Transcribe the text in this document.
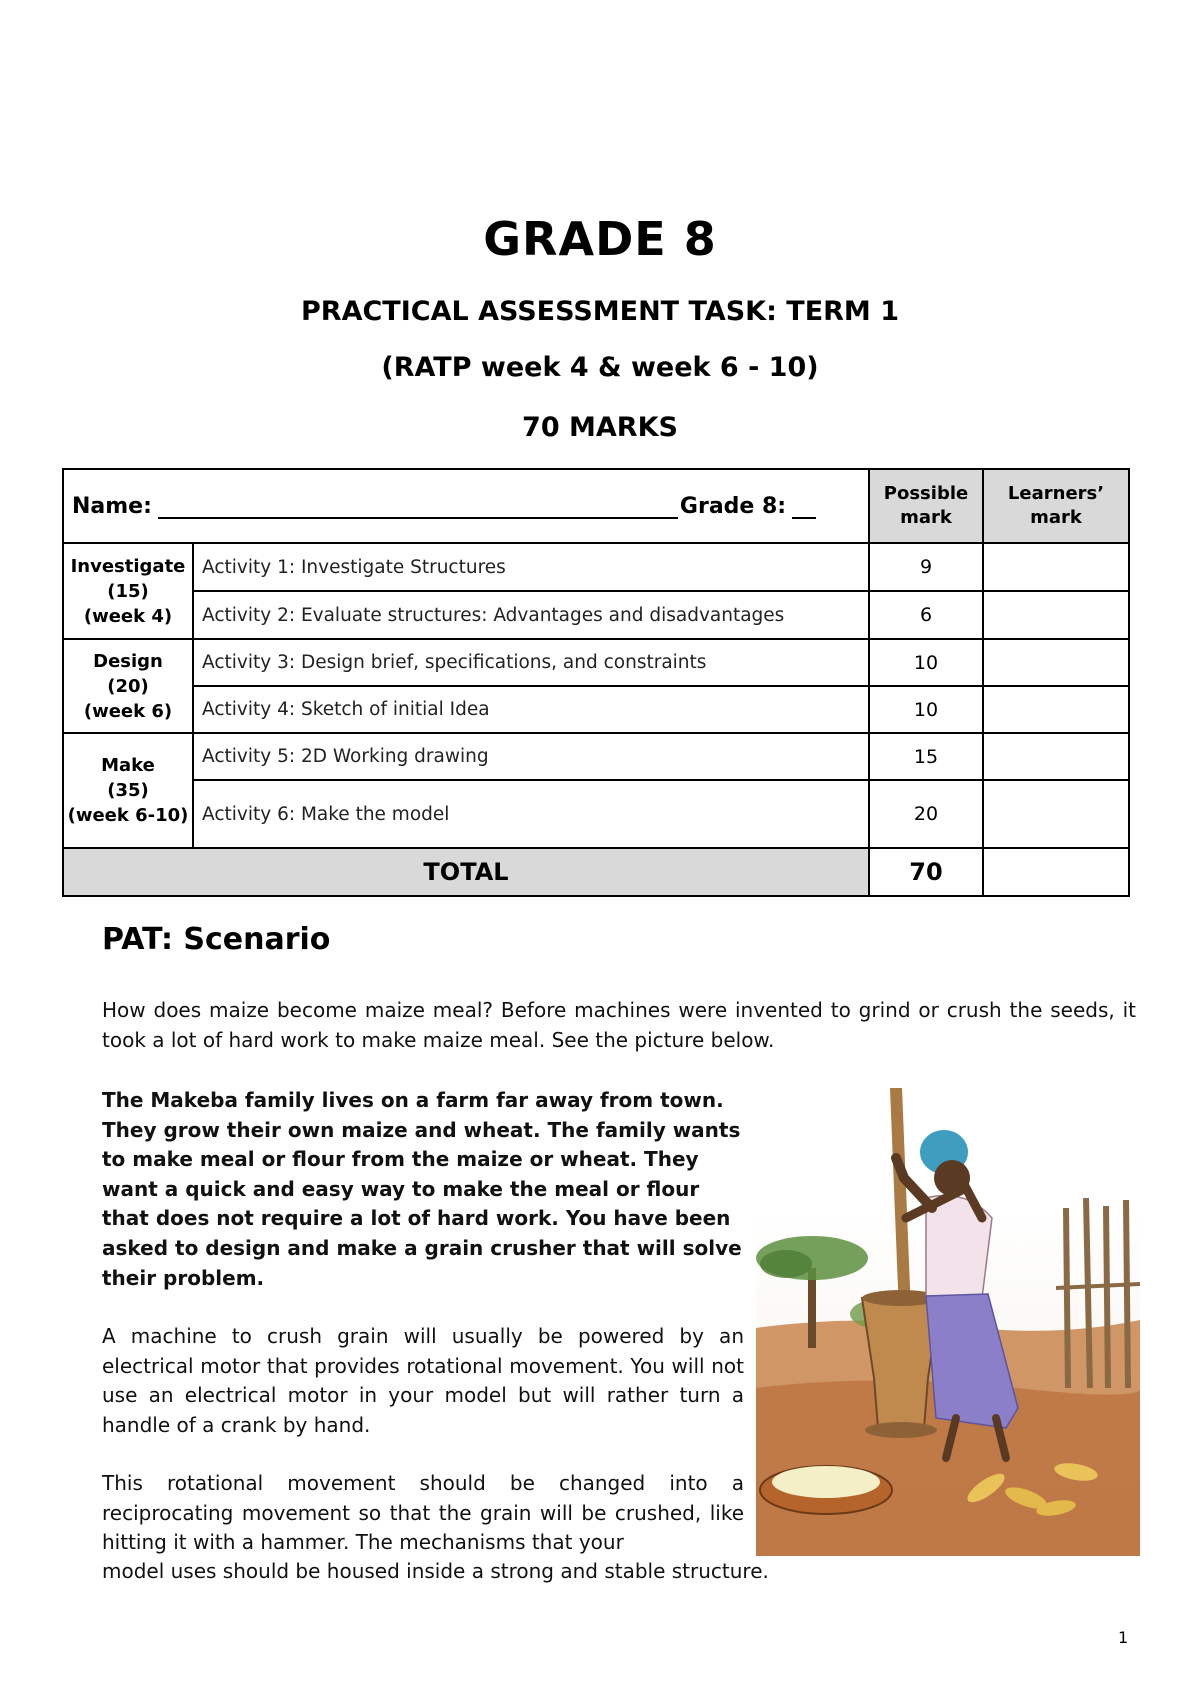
GRADE 8
PRACTICAL ASSESSMENT TASK: TERM 1
(RATP week 4 & week 6 - 10)
70 MARKS
Name: Grade 8:		Possible mark	Learners’ mark

Investigate
(15)
(week 4)	Activity 1: Investigate Structures	9	
	Activity 2: Evaluate structures: Advantages and disadvantages	6	

Design
(20)
(week 6)	Activity 3: Design brief, specifications, and constraints	10	
	Activity 4: Sketch of initial Idea	10	

Make
(35)
(week 6-10)	Activity 5: 2D Working drawing	15	
	Activity 6: Make the model	20	
TOTAL		70	
PAT: Scenario
How does maize become maize meal? Before machines were invented to grind or crush the seeds, it took a lot of hard work to make maize meal. See the picture below.
The Makeba family lives on a farm far away from town. They grow their own maize and wheat. The family wants to make meal or flour from the maize or wheat. They want a quick and easy way to make the meal or flour that does not require a lot of hard work. You have been asked to design and make a grain crusher that will solve their problem.
A machine to crush grain will usually be powered by an electrical motor that provides rotational movement. You will not use an electrical motor in your model but will rather turn a handle of a crank by hand.
This rotational movement should be changed into a reciprocating movement so that the grain will be crushed, like hitting it with a hammer. The mechanisms that your
model uses should be housed inside a strong and stable structure.
1
